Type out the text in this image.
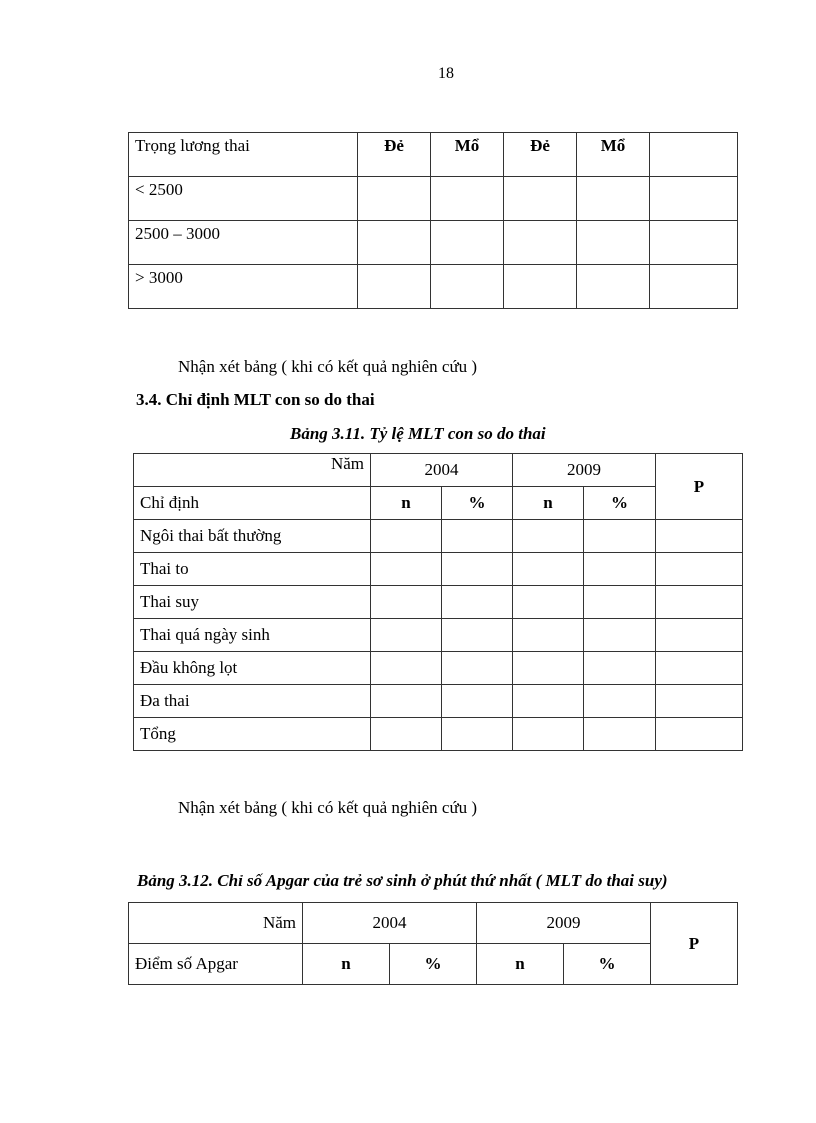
18
Trọng lương thai	Đẻ	Mổ	Đẻ	Mổ	
< 2500					
2500 – 3000					
> 3000					
Nhận xét bảng ( khi có kết quả nghiên cứu )
3.4. Chỉ định MLT con so do thai
Bảng 3.11. Tỷ lệ MLT con so do thai
Năm	2004		2009		P
Chỉ định	n	%	n	%	
Ngôi thai bất thường					
Thai to					
Thai suy					
Thai quá ngày sinh					
Đầu không lọt					
Đa thai					
Tổng					
Nhận xét bảng ( khi có kết quả nghiên cứu )
Bảng 3.12. Chỉ số Apgar của trẻ sơ sinh ở phút thứ nhất ( MLT do thai suy)
Năm	2004		2009		P
Điểm số Apgar	n	%	n	%	
